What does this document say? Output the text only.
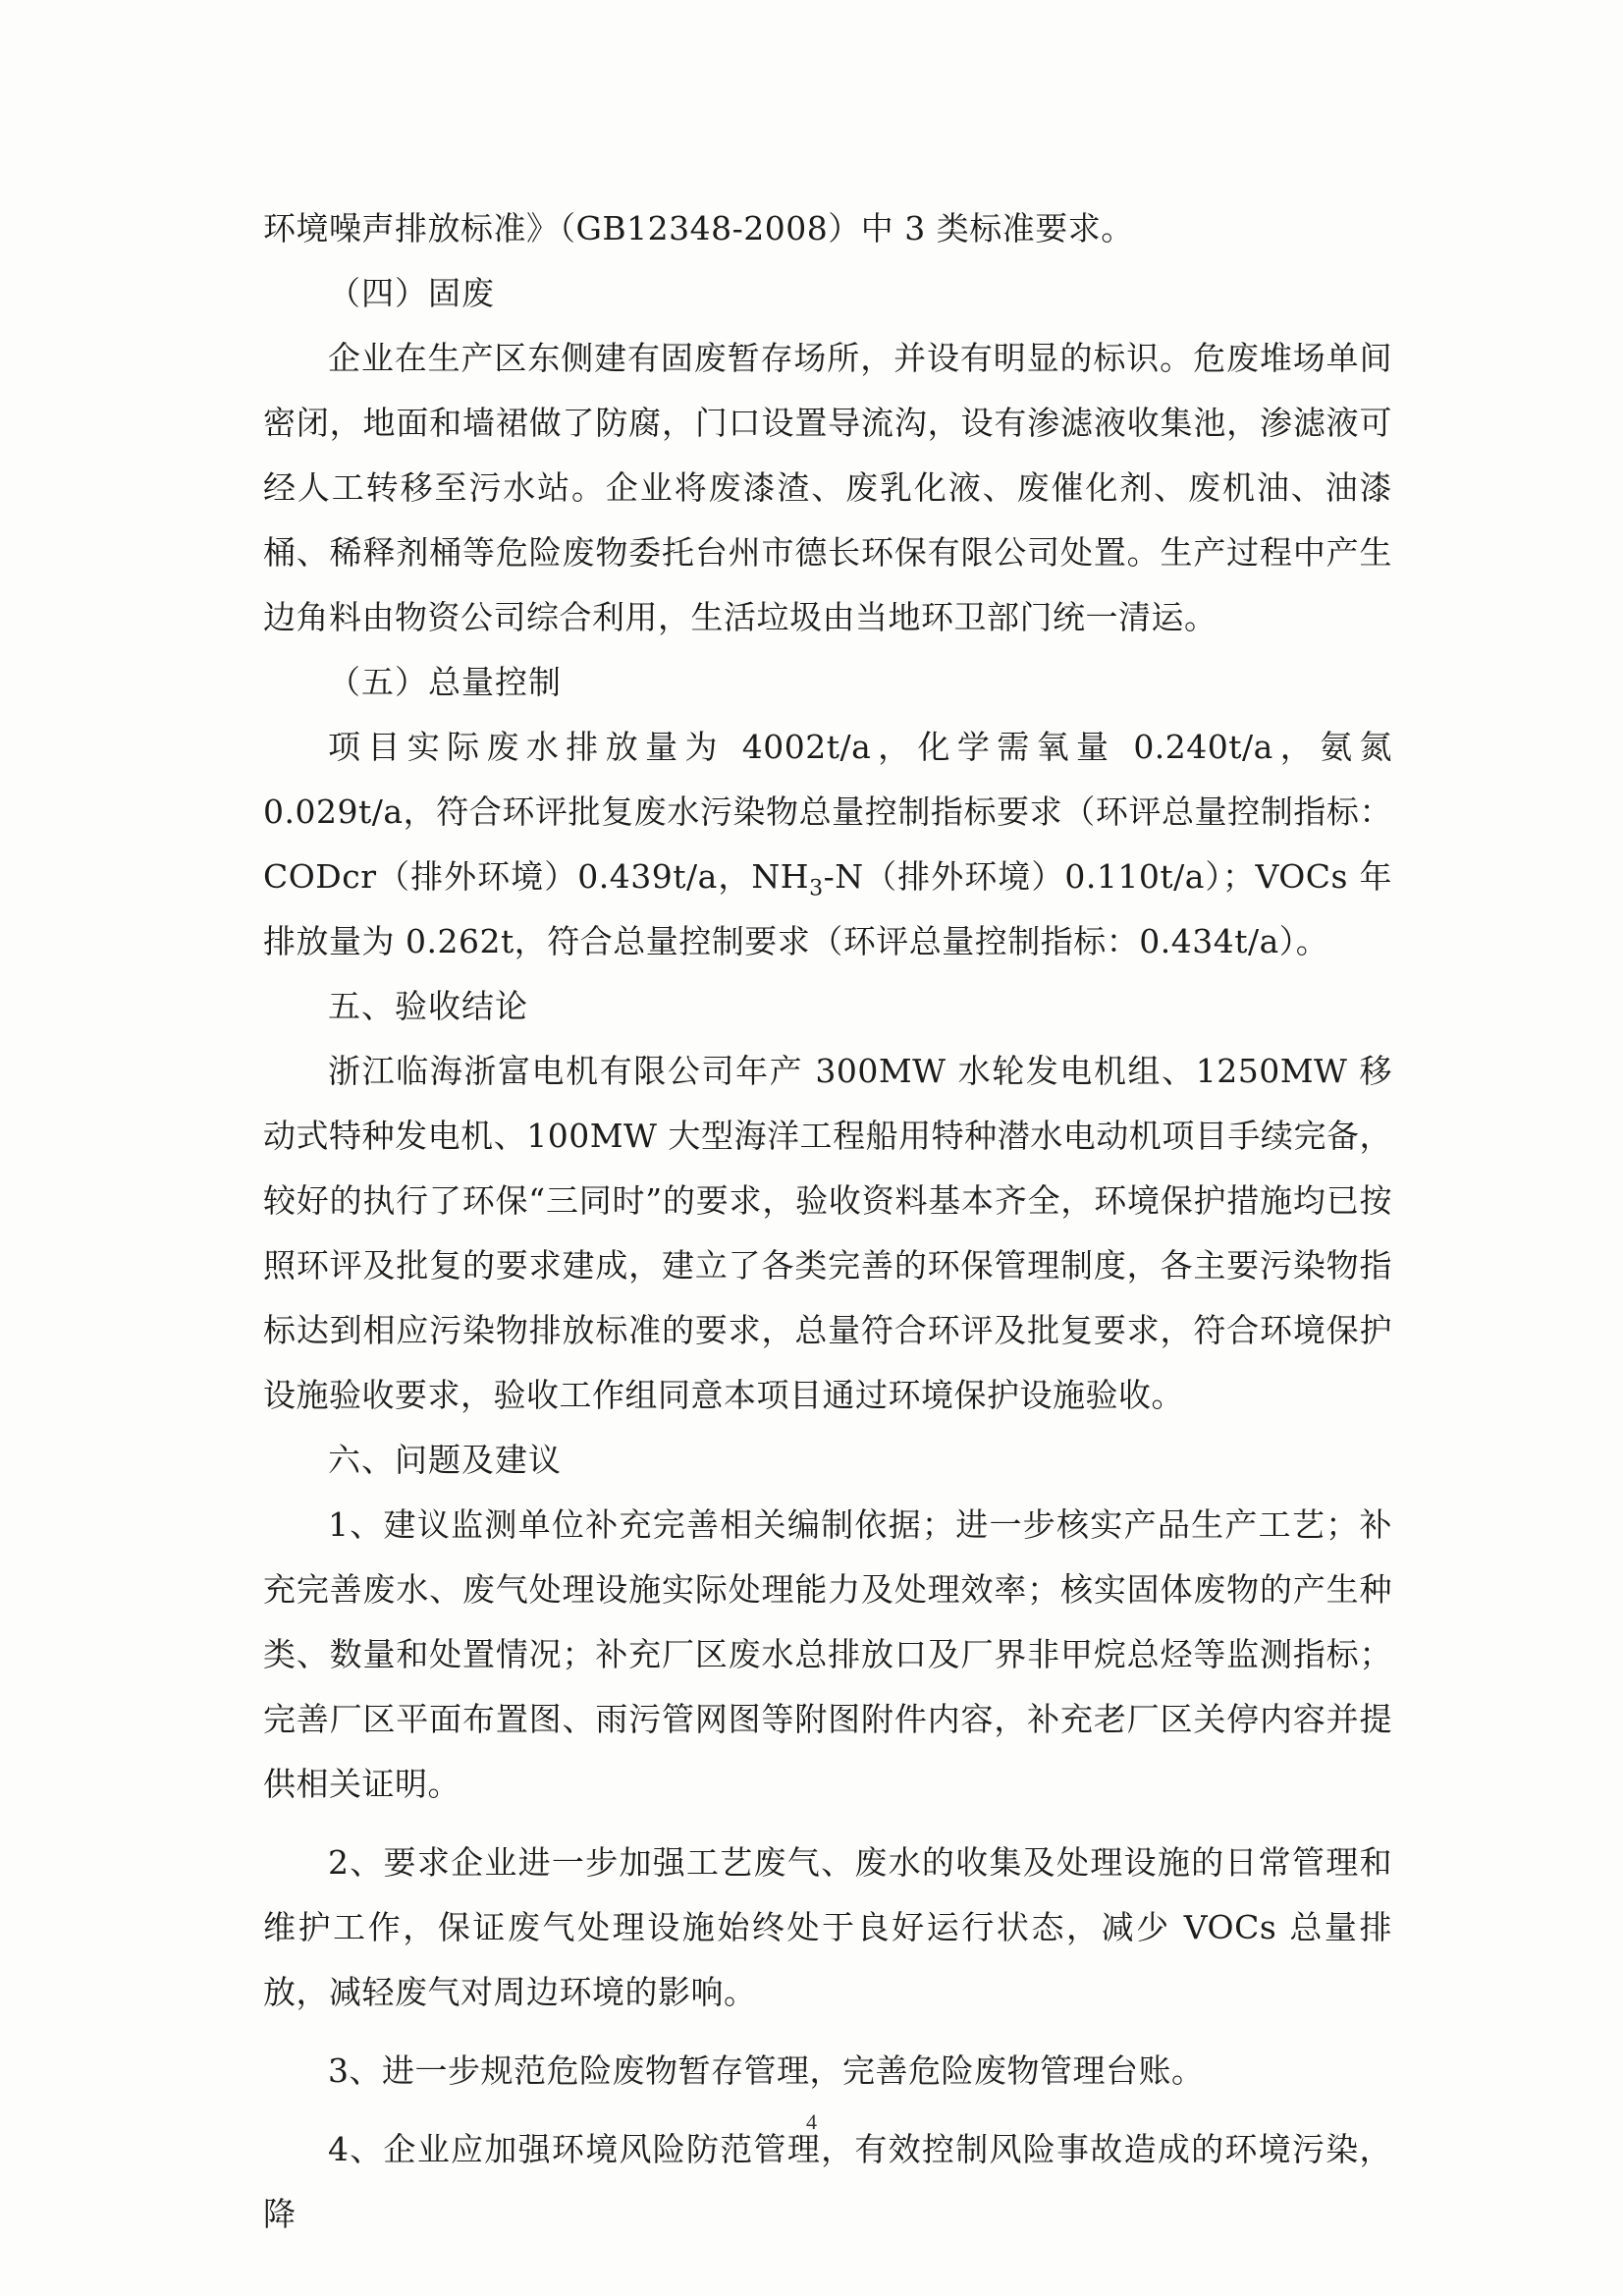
环境噪声排放标准》（GB12348-2008）中 3 类标准要求。

（四）固废

企业在生产区东侧建有固废暂存场所，并设有明显的标识。危废堆场单间密闭，地面和墙裙做了防腐，门口设置导流沟，设有渗滤液收集池，渗滤液可经人工转移至污水站。企业将废漆渣、废乳化液、废催化剂、废机油、油漆桶、稀释剂桶等危险废物委托台州市德长环保有限公司处置。生产过程中产生边角料由物资公司综合利用，生活垃圾由当地环卫部门统一清运。

（五）总量控制

项目实际废水排放量为 4002t/a，化学需氧量 0.240t/a，氨氮 0.029t/a，符合环评批复废水污染物总量控制指标要求（环评总量控制指标：CODcr（排外环境）0.439t/a，$NH_3-N$（排外环境）0.110t/a）；VOCs 年排放量为 0.262t，符合总量控制要求（环评总量控制指标：0.434t/a）。

五、验收结论

浙江临海浙富电机有限公司年产 300MW 水轮发电机组、1250MW 移动式特种发电机、100MW 大型海洋工程船用特种潜水电动机项目手续完备，较好的执行了环保“三同时”的要求，验收资料基本齐全，环境保护措施均已按照环评及批复的要求建成，建立了各类完善的环保管理制度，各主要污染物指标达到相应污染物排放标准的要求，总量符合环评及批复要求，符合环境保护设施验收要求，验收工作组同意本项目通过环境保护设施验收。

六、问题及建议

1、建议监测单位补充完善相关编制依据；进一步核实产品生产工艺；补充完善废水、废气处理设施实际处理能力及处理效率；核实固体废物的产生种类、数量和处置情况；补充厂区废水总排放口及厂界非甲烷总烃等监测指标；完善厂区平面布置图、雨污管网图等附图附件内容，补充老厂区关停内容并提供相关证明。

2、要求企业进一步加强工艺废气、废水的收集及处理设施的日常管理和维护工作，保证废气处理设施始终处于良好运行状态，减少 VOCs 总量排放，减轻废气对周边环境的影响。

3、进一步规范危险废物暂存管理，完善危险废物管理台账。

4、企业应加强环境风险防范管理，有效控制风险事故造成的环境污染，降

4
